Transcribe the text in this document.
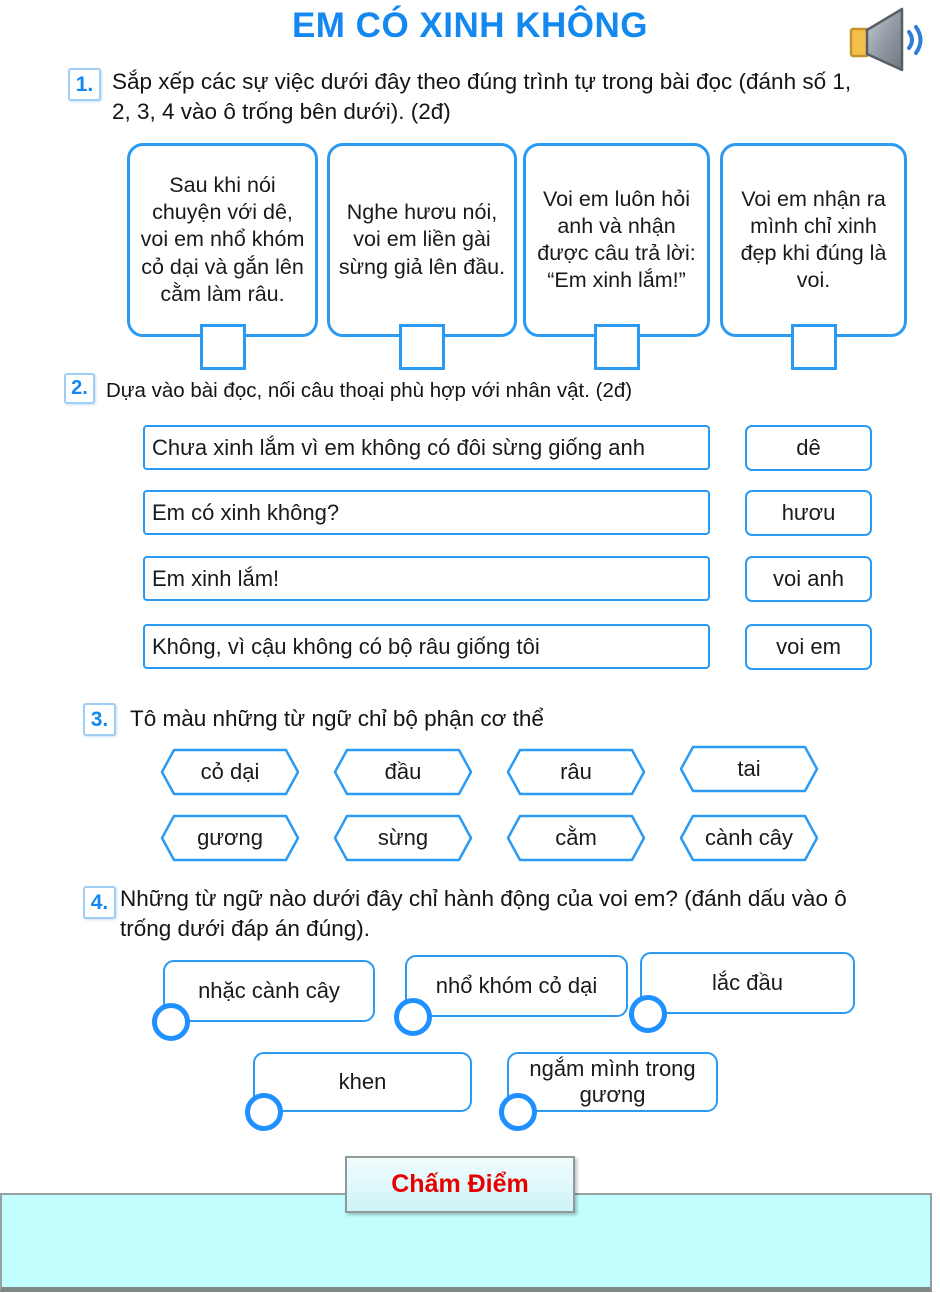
EM CÓ XINH KHÔNG
1. Sắp xếp các sự việc dưới đây theo đúng trình tự trong bài đọc (đánh số 1, 2, 3, 4 vào ô trống bên dưới). (2đ)
Sau khi nói chuyện với dê, voi em nhổ khóm cỏ dại và gắn lên cằm làm râu.
Nghe hươu nói, voi em liền gài sừng giả lên đầu.
Voi em luôn hỏi anh và nhận được câu trả lời: “Em xinh lắm!”
Voi em nhận ra mình chỉ xinh đẹp khi đúng là voi.
2. Dựa vào bài đọc, nối câu thoại phù hợp với nhân vật. (2đ)
Chưa xinh lắm vì em không có đôi sừng giống anh	dê
Em có xinh không?	hươu
Em xinh lắm!	voi anh
Không, vì cậu không có bộ râu giống tôi	voi em
3. Tô màu những từ ngữ chỉ bộ phận cơ thể
cỏ dại	đầu	râu	tai
gương	sừng	cằm	cành cây
4. Những từ ngữ nào dưới đây chỉ hành động của voi em? (đánh dấu vào ô trống dưới đáp án đúng).
nhặc cành cây	nhổ khóm cỏ dại	lắc đầu
khen
ngắm mình trong gương
Chấm Điểm
